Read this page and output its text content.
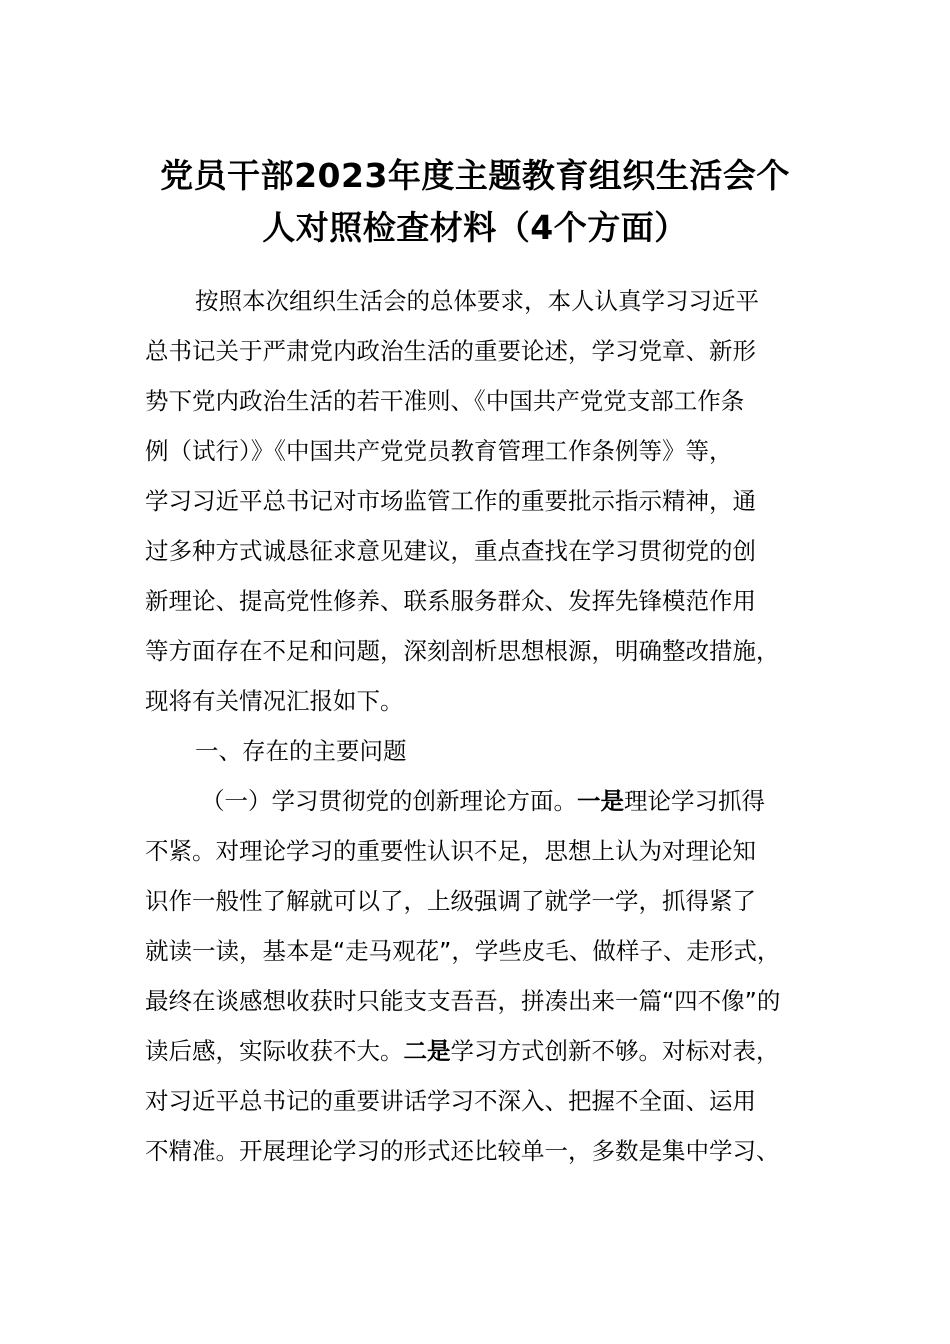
党员干部2023年度主题教育组织生活会个
人对照检查材料（4个方面）
按照本次组织生活会的总体要求，本人认真学习习近平
总书记关于严肃党内政治生活的重要论述，学习党章、新形
势下党内政治生活的若干准则、《中国共产党党支部工作条
例（试行）》《中国共产党党员教育管理工作条例等》等，
学习习近平总书记对市场监管工作的重要批示指示精神，通
过多种方式诚恳征求意见建议，重点查找在学习贯彻党的创
新理论、提高党性修养、联系服务群众、发挥先锋模范作用
等方面存在不足和问题，深刻剖析思想根源，明确整改措施，
现将有关情况汇报如下。
一、存在的主要问题
（一）学习贯彻党的创新理论方面。一是理论学习抓得
不紧。对理论学习的重要性认识不足，思想上认为对理论知
识作一般性了解就可以了，上级强调了就学一学，抓得紧了
就读一读，基本是“走马观花”，学些皮毛、做样子、走形式，
最终在谈感想收获时只能支支吾吾，拼凑出来一篇“四不像”的
读后感，实际收获不大。二是学习方式创新不够。对标对表，
对习近平总书记的重要讲话学习不深入、把握不全面、运用
不精准。开展理论学习的形式还比较单一，多数是集中学习、
